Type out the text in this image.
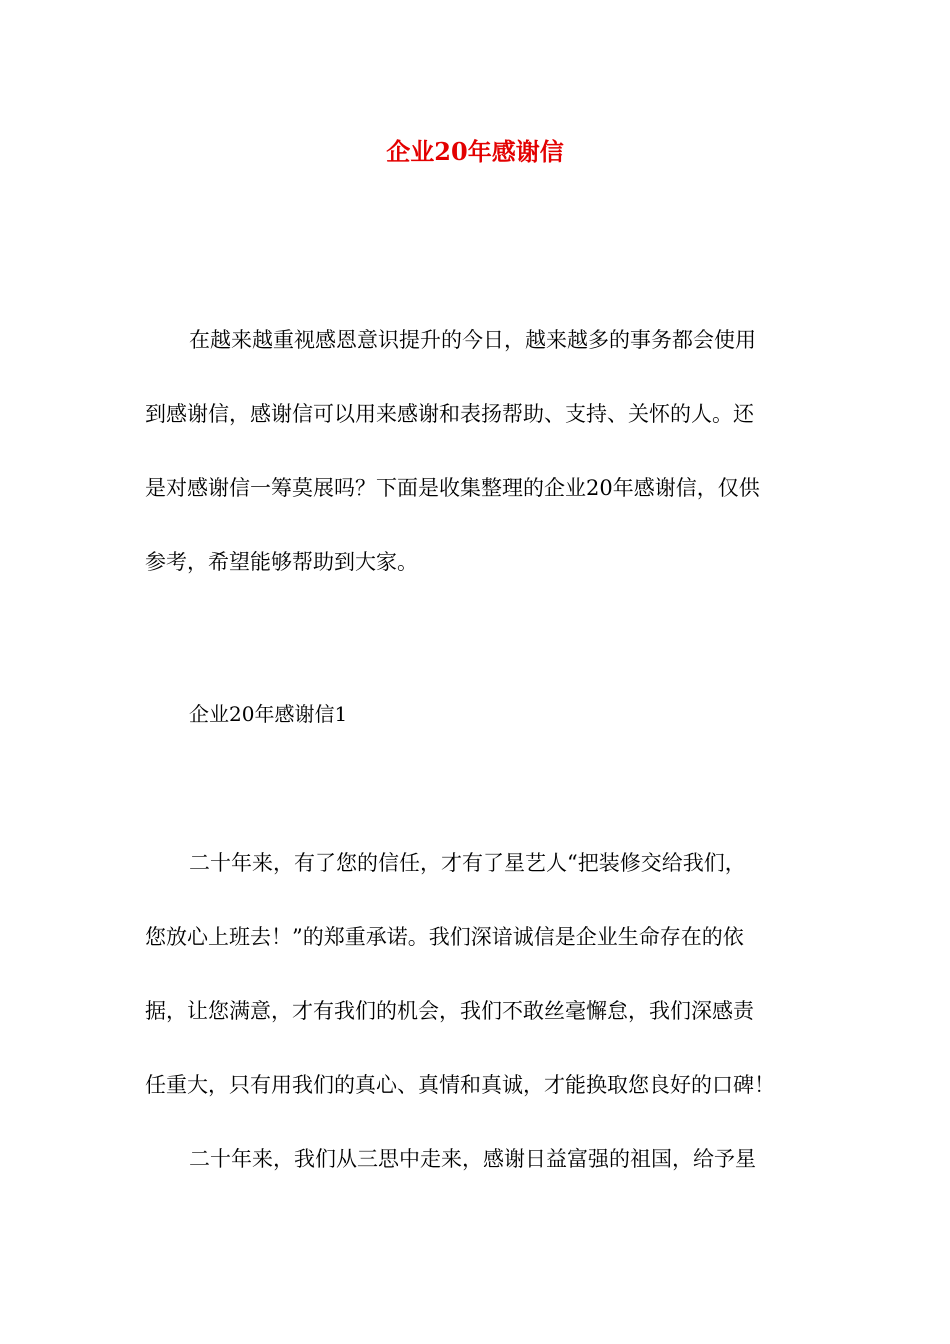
企业20年感谢信

在越来越重视感恩意识提升的今日，越来越多的事务都会使用

到感谢信，感谢信可以用来感谢和表扬帮助、支持、关怀的人。还

是对感谢信一筹莫展吗？下面是收集整理的企业20年感谢信，仅供

参考，希望能够帮助到大家。

企业20年感谢信1

二十年来，有了您的信任，才有了星艺人“把装修交给我们，

您放心上班去！”的郑重承诺。我们深谙诚信是企业生命存在的依

据，让您满意，才有我们的机会，我们不敢丝毫懈怠，我们深感责

任重大，只有用我们的真心、真情和真诚，才能换取您良好的口碑！

二十年来，我们从三思中走来，感谢日益富强的祖国，给予星
